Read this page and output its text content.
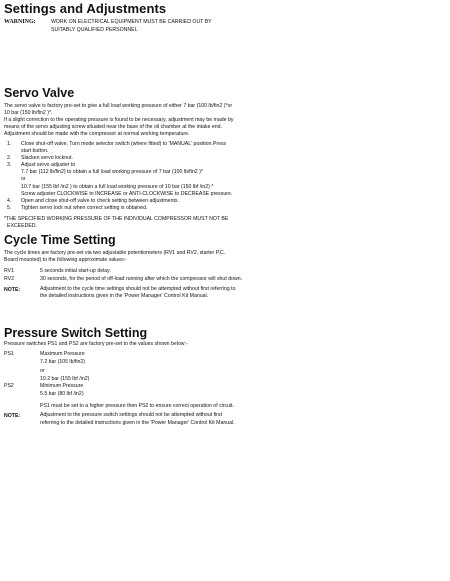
Settings and Adjustments
WARNING:	WORK ON ELECTRICAL EQUIPMENT MUST BE CARRIED OUT BY
SUITABLY QUALIFIED PERSONNEL
Servo Valve
The servo valve is factory pre-set to give a full load working pressure of either 7 bar (100 lb/fin2 )*or
10 bar (150 lb/fin2 )*.
If a slight correction to the operating pressure is found to be necessary, adjustment may be made by
means of the servo adjusting screw situated near the base of the oil chamber at the intake end.
Adjustment should be made with the compressor at normal working temperature.
1. Close shut-off valve. Turn mode selector switch (where fitted) to 'MANUAL' position.Press
start button.
2. Slacken servo locknut.
3. Adjust servo adjuster to
7.7 bar (112 lb/fin2) to obtain a full load working pressure of 7 bar (100 lb/fin2 )*
or
10.7 bar (155 lbf /in2 ) to obtain a full load working pressure of 10 bar (150 lbf /in2) *
Screw adjuster CLOCKWISE to INCREASE or ANTI-CLOCKWISE to DECREASE pressure.
4. Open and close shut-off valve to check setting between adjustments.
5. Tighten servo lock nut when correct setting is obtained.
*THE SPECIFIED WORKING PRESSURE OF THE INDIVIDUAL COMPRESSOR MUST NOT BE
EXCEEDED.
Cycle Time Setting
The cycle times are factory pre-set via two adjustable potentiometers (RV1 and RV2, starter P.C.
Board mounted) to the following approximate values:-
RV1	5 seconds initial start-up delay.
RV2	30 seconds, for the period of off-load running after which the compressor will shut down.
NOTE:	Adjustment to the cycle time settings should not be attempted without first referring to
the detailed instructions given in the 'Power Manager' Control Kit Manual.
Pressure Switch Setting
Pressure switches PS1 and PS2 are factory pre-set to the values shown below:-
PS1	Maximum Pressure
7.2 bar (105 lb/fin2)
or
10.2 bar (155 lbf /in2)
PS2	Minimum Pressure
5.5 bar (80 lbf /in2)
PS1 must be set to a higher pressure then PS2 to ensure correct operation of circuit.
NOTE:	Adjustment to the pressure switch settings should not be attempted without first
referring to the detailed instructions given in the 'Power Manager' Control Kit Manual.
